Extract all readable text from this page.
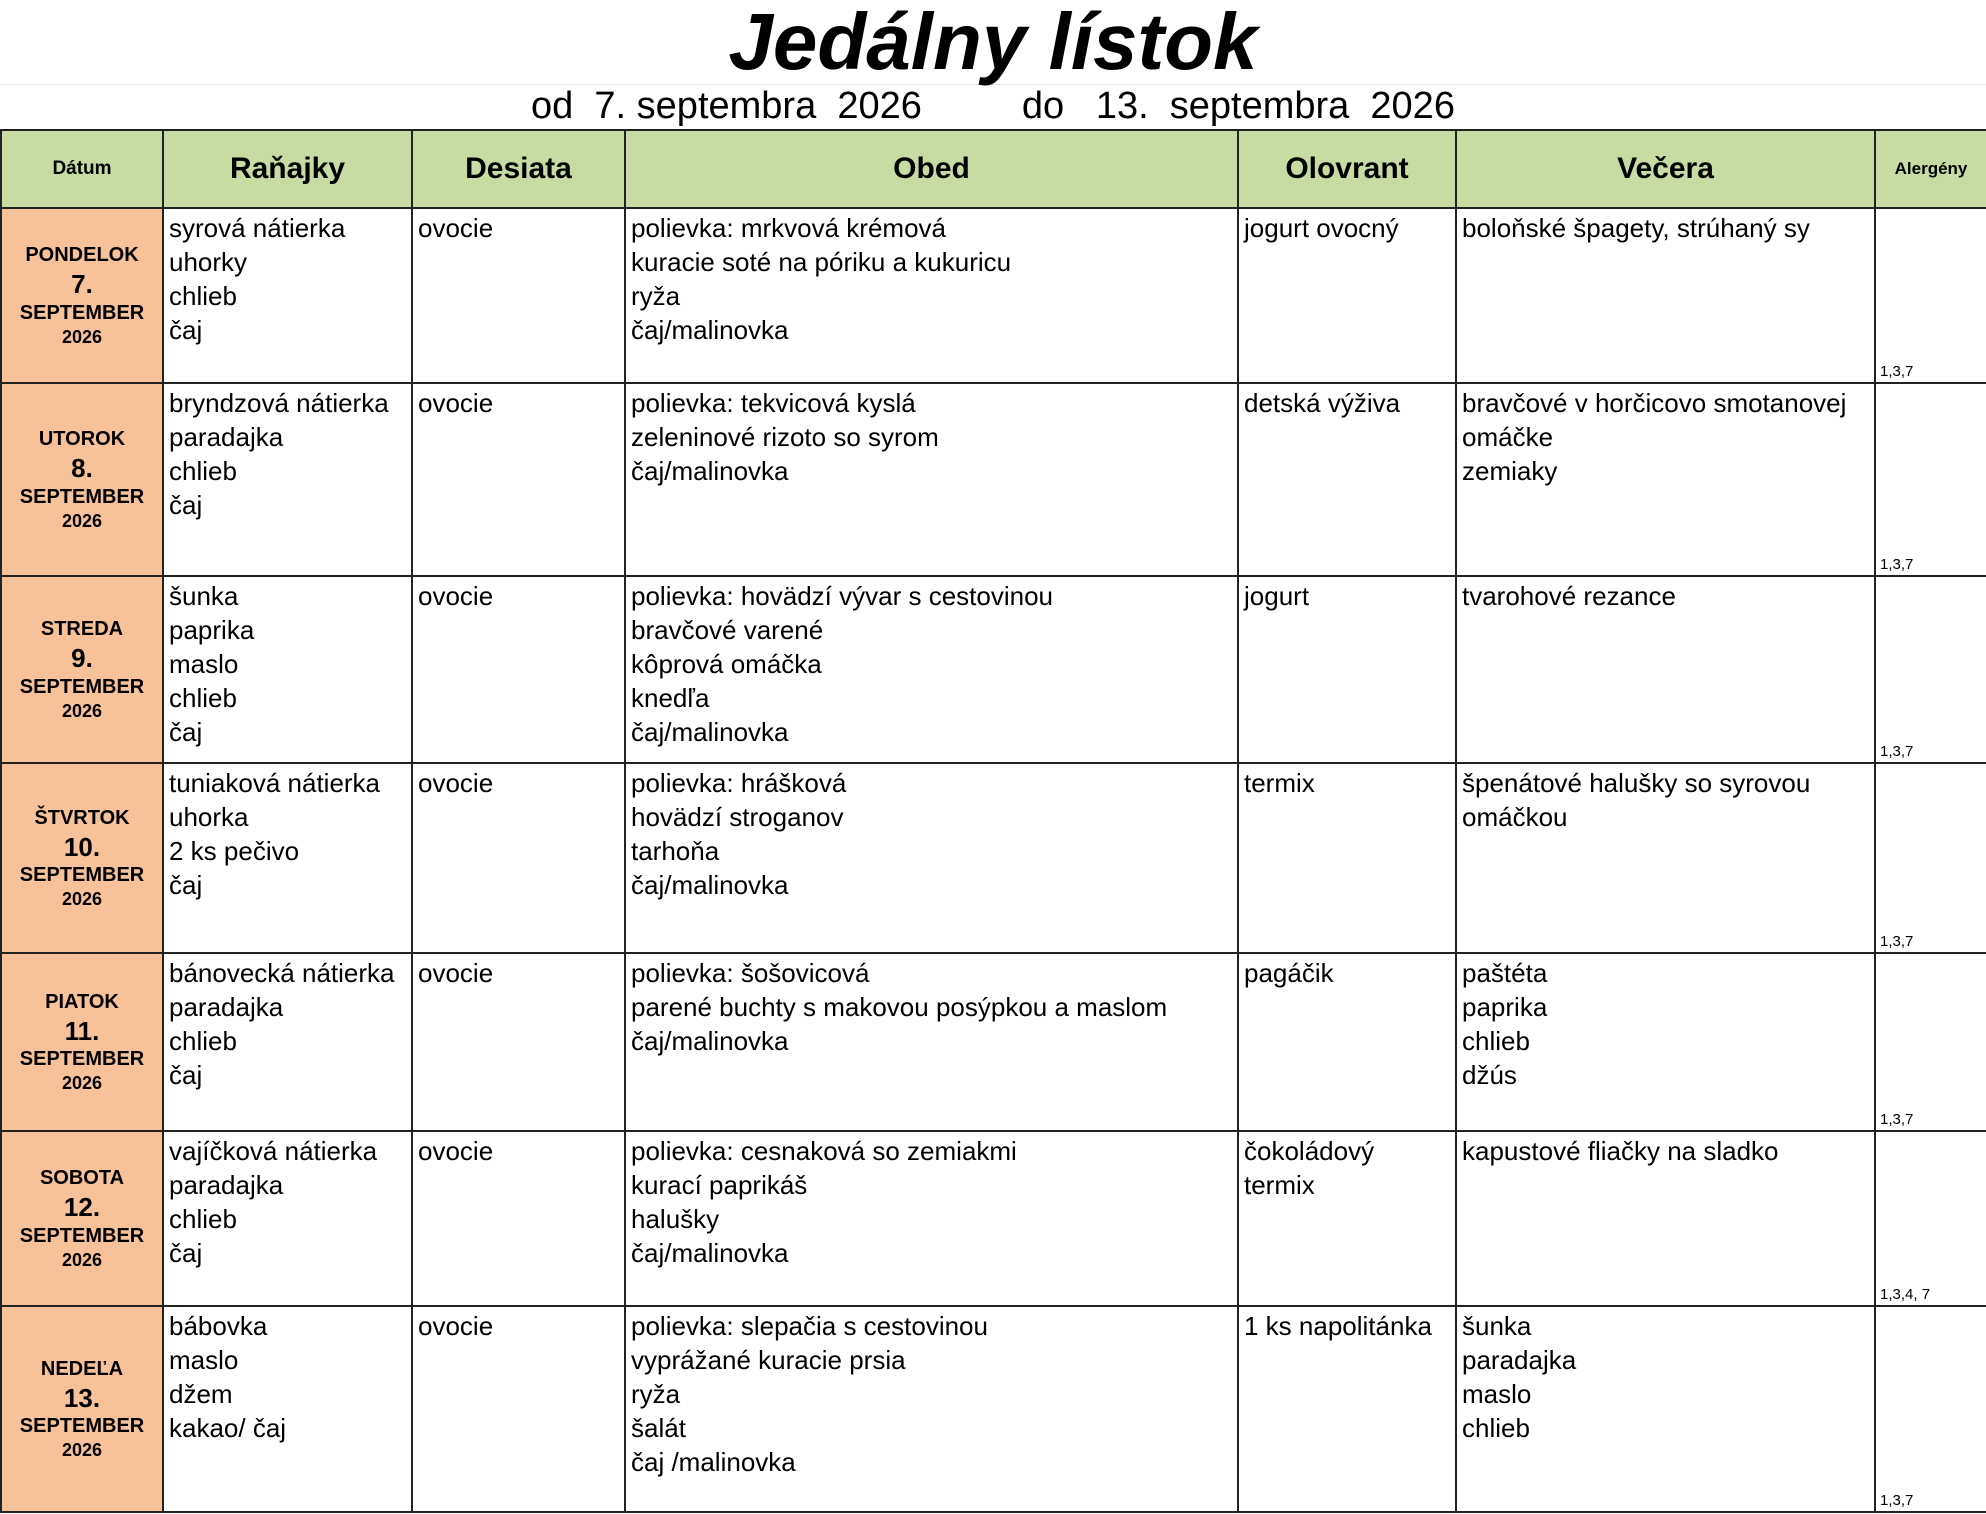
Jedálny lístok
od
7. septembra  2026	do
13.  septembra  2026
Dátum	Raňajky	Desiata	Obed	Olovrant	Večera	Alergény

PONDELOK
7.
SEPTEMBER
2026	syrová nátierka
uhorky
chlieb
čaj	ovocie	polievka: mrkvová krémová
kuracie soté na póriku a kukuricu
ryža
čaj/malinovka	jogurt ovocný	boloňské špagety, strúhaný sy	1,3,7

UTOROK
8.
SEPTEMBER
2026	bryndzová nátierka
paradajka
chlieb
čaj	ovocie	polievka: tekvicová kyslá
zeleninové rizoto so syrom
čaj/malinovka	detská výživa	bravčové v horčicovo smotanovej
omáčke
zemiaky	1,3,7

STREDA
9.
SEPTEMBER
2026	šunka
paprika
maslo
chlieb
čaj	ovocie	polievka: hovädzí vývar s cestovinou
bravčové varené
kôprová omáčka
knedľa
čaj/malinovka	jogurt	tvarohové rezance	1,3,7

ŠTVRTOK
10.
SEPTEMBER
2026	tuniaková nátierka
uhorka
2 ks pečivo
čaj	ovocie	polievka: hrášková
hovädzí stroganov
tarhoňa
čaj/malinovka	termix	špenátové halušky so syrovou
omáčkou	1,3,7

PIATOK
11.
SEPTEMBER
2026	bánovecká nátierka
paradajka
chlieb
čaj	ovocie	polievka: šošovicová
parené buchty s makovou posýpkou a maslom
čaj/malinovka	pagáčik	paštéta
paprika
chlieb
džús	1,3,7

SOBOTA
12.
SEPTEMBER
2026	vajíčková nátierka
paradajka
chlieb
čaj	ovocie	polievka: cesnaková so zemiakmi
kurací paprikáš
halušky
čaj/malinovka	čokoládový
termix	kapustové fliačky na sladko	1,3,4, 7

NEDEĽA
13.
SEPTEMBER
2026	bábovka
maslo
džem
kakao/ čaj	ovocie	polievka: slepačia s cestovinou
vyprážané kuracie prsia
ryža
šalát
čaj /malinovka	1 ks napolitánka	šunka
paradajka
maslo
chlieb	1,3,7
